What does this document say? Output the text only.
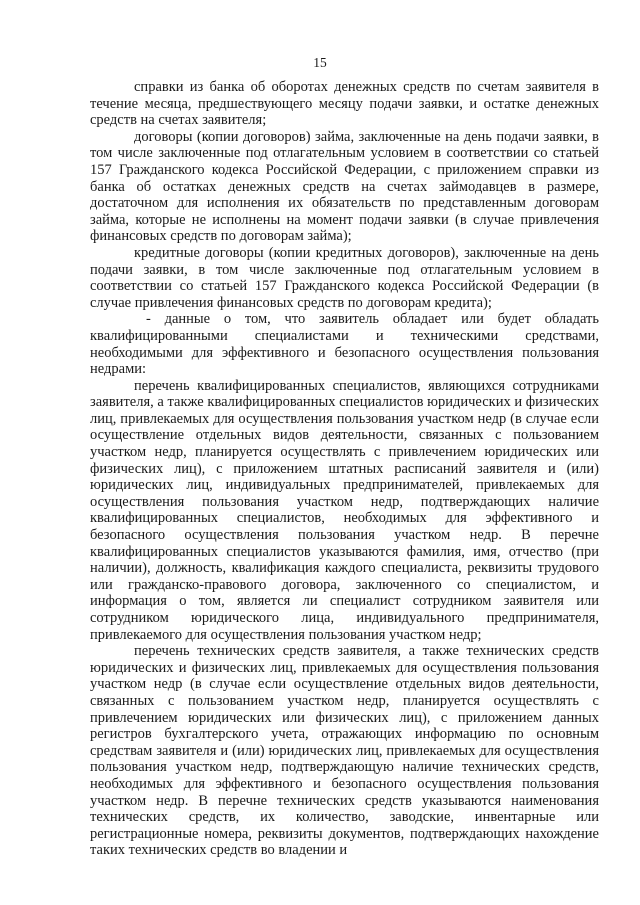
15

справки из банка об оборотах денежных средств по счетам заявителя в течение месяца, предшествующего месяцу подачи заявки, и остатке денежных средств на счетах заявителя;

договоры (копии договоров) займа, заключенные на день подачи заявки, в том числе заключенные под отлагательным условием в соответствии со статьей 157 Гражданского кодекса Российской Федерации, с приложением справки из банка об остатках денежных средств на счетах займодавцев в размере, достаточном для исполнения их обязательств по представленным договорам займа, которые не исполнены на момент подачи заявки (в случае привлечения финансовых средств по договорам займа);

кредитные договоры (копии кредитных договоров), заключенные на день подачи заявки, в том числе заключенные под отлагательным условием в соответствии со статьей 157 Гражданского кодекса Российской Федерации (в случае привлечения финансовых средств по договорам кредита);

- данные о том, что заявитель обладает или будет обладать квалифицированными специалистами и техническими средствами, необходимыми для эффективного и безопасного осуществления пользования недрами:

перечень квалифицированных специалистов, являющихся сотрудниками заявителя, а также квалифицированных специалистов юридических и физических лиц, привлекаемых для осуществления пользования участком недр (в случае если осуществление отдельных видов деятельности, связанных с пользованием участком недр, планируется осуществлять с привлечением юридических или физических лиц), с приложением штатных расписаний заявителя и (или) юридических лиц, индивидуальных предпринимателей, привлекаемых для осуществления пользования участком недр, подтверждающих наличие квалифицированных специалистов, необходимых для эффективного и безопасного осуществления пользования участком недр. В перечне квалифицированных специалистов указываются фамилия, имя, отчество (при наличии), должность, квалификация каждого специалиста, реквизиты трудового или гражданско-правового договора, заключенного со специалистом, и информация о том, является ли специалист сотрудником заявителя или сотрудником юридического лица, индивидуального предпринимателя, привлекаемого для осуществления пользования участком недр;

перечень технических средств заявителя, а также технических средств юридических и физических лиц, привлекаемых для осуществления пользования участком недр (в случае если осуществление отдельных видов деятельности, связанных с пользованием участком недр, планируется осуществлять с привлечением юридических или физических лиц), с приложением данных регистров бухгалтерского учета, отражающих информацию по основным средствам заявителя и (или) юридических лиц, привлекаемых для осуществления пользования участком недр, подтверждающую наличие технических средств, необходимых для эффективного и безопасного осуществления пользования участком недр. В перечне технических средств указываются наименования технических средств, их количество, заводские, инвентарные или регистрационные номера, реквизиты документов, подтверждающих нахождение таких технических средств во владении и
